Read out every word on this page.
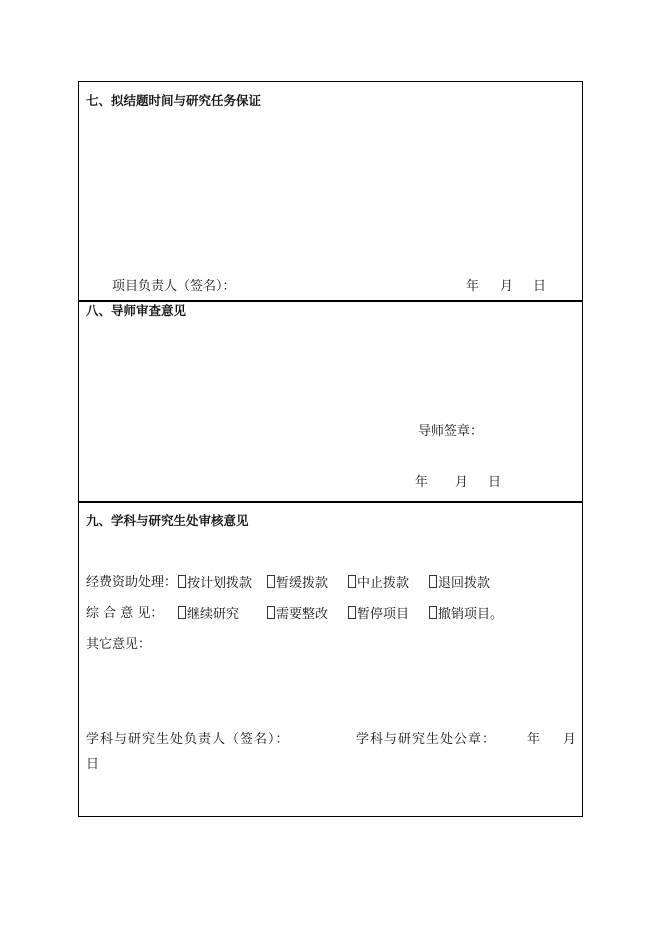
七、拟结题时间与研究任务保证
项目负责人（签名）：	年 月 日
八、导师审查意见
导师签章：
年 月 日
九、学科与研究生处审核意见
经费资助处理： 按计划拨款	暂缓拨款	中止拨款	退回拨款
综 合 意 见：	继续研究	需要整改	暂停项目	撤销项目。
其它意见：
学科与研究生处负责人（签名）：	学科与研究生处公章： 年 月
日
